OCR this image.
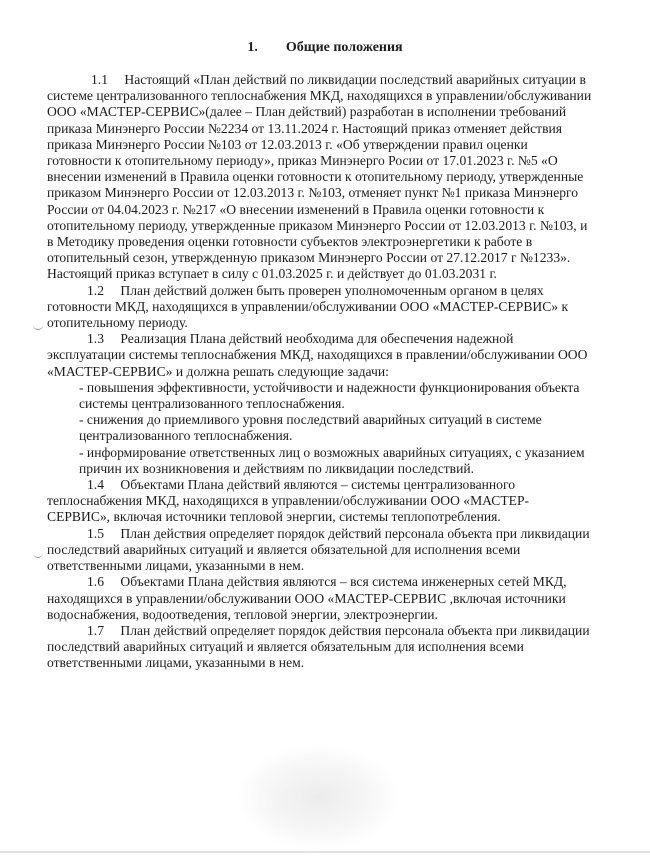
1. Общие положения

1.1 Настоящий «План действий по ликвидации последствий аварийных ситуации в системе централизованного теплоснабжения МКД, находящихся в управлении/обслуживании ООО «МАСТЕР-СЕРВИС»(далее – План действий) разработан в исполнении требований приказа Минэнерго России №2234 от 13.11.2024 г. Настоящий приказ отменяет действия приказа Минэнерго России №103 от 12.03.2013 г. «Об утверждении правил оценки готовности к отопительному периоду», приказ Минэнерго Росии от 17.01.2023 г. №5 «О внесении изменений в Правила оценки готовности к отопительному периоду, утвержденные приказом Минэнерго России от 12.03.2013 г. №103, отменяет пункт №1 приказа Минэнерго России от 04.04.2023 г. №217 «О внесении изменений в Правила оценки готовности к отопительному периоду, утвержденные приказом Минэнерго России от 12.03.2013 г. №103, и в Методику проведения оценки готовности субъектов электроэнергетики к работе в отопительный сезон, утвержденную приказом Минэнерго России от 27.12.2017 г №1233». Настоящий приказ вступает в силу с 01.03.2025 г. и действует до 01.03.2031 г.

1.2 План действий должен быть проверен уполномоченным органом в целях готовности МКД, находящихся в управлении/обслуживании ООО «МАСТЕР-СЕРВИС» к отопительному периоду.

1.3 Реализация Плана действий необходима для обеспечения надежной эксплуатации системы теплоснабжения МКД, находящихся в правлении/обслуживании ООО «МАСТЕР-СЕРВИС» и должна решать следующие задачи:

- повышения эффективности, устойчивости и надежности функционирования объекта системы централизованного теплоснабжения.

- снижения до приемливого уровня последствий аварийных ситуаций в системе централизованного теплоснабжения.

- информирование ответственных лиц о возможных аварийных ситуациях, с указанием причин их возникновения и действиям по ликвидации последствий.

1.4 Объектами Плана действий являются – системы централизованного теплоснабжения МКД, находящихся в управлении/обслуживании ООО «МАСТЕР-СЕРВИС», включая источники тепловой энергии, системы теплопотребления.

1.5 План действия определяет порядок действий персонала объекта при ликвидации последствий аварийных ситуаций и является обязательной для исполнения всеми ответственными лицами, указанными в нем.

1.6 Объектами Плана действия являются – вся система инженерных сетей МКД, находящихся в управлении/обслуживании ООО «МАСТЕР-СЕРВИС ,включая источники водоснабжения, водоотведения, тепловой энергии, электроэнергии.

1.7 План действий определяет порядок действия персонала объекта при ликвидации последствий аварийных ситуаций и является обязательным для исполнения всеми ответственными лицами, указанными в нем.
